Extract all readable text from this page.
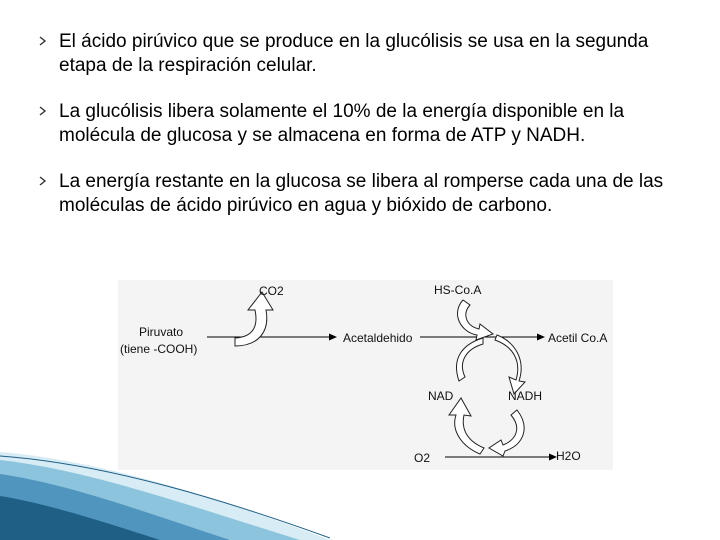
El ácido pirúvico que se produce en la glucólisis se usa en la segunda etapa de la respiración celular.
La glucólisis libera solamente el 10% de la energía disponible en la molécula de glucosa y se almacena en forma de ATP y NADH.
La energía restante en la glucosa se libera al romperse cada una de las moléculas de ácido pirúvico en agua y bióxido de carbono.
CO2
Piruvato
(tiene -COOH)
Acetaldehido
HS-Co.A
Acetil Co.A
NAD	NADH
O2	H2O
